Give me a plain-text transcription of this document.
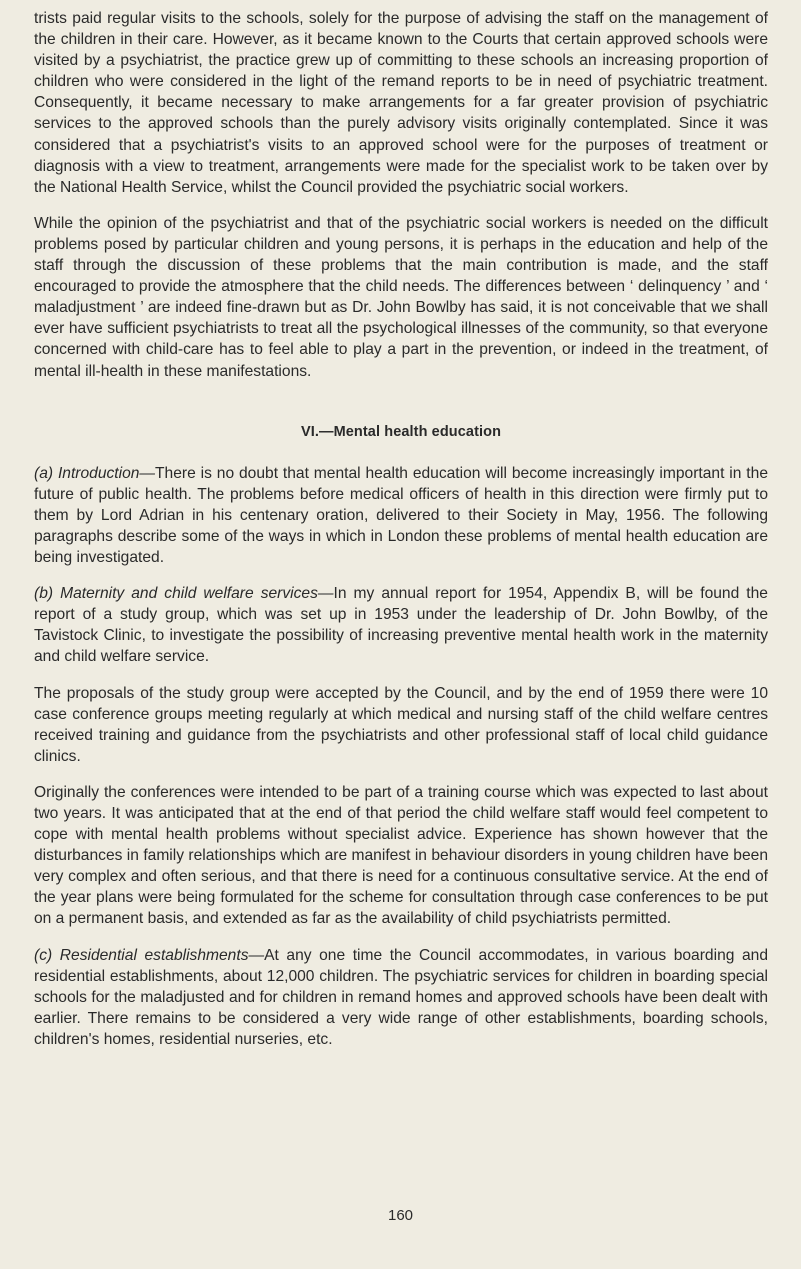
trists paid regular visits to the schools, solely for the purpose of advising the staff on the management of the children in their care. However, as it became known to the Courts that certain approved schools were visited by a psychiatrist, the practice grew up of committing to these schools an increasing proportion of children who were considered in the light of the remand reports to be in need of psychiatric treatment. Consequently, it became necessary to make arrangements for a far greater provision of psychiatric services to the approved schools than the purely advisory visits originally contemplated. Since it was considered that a psychiatrist's visits to an approved school were for the purposes of treatment or diagnosis with a view to treatment, arrangements were made for the specialist work to be taken over by the National Health Service, whilst the Council provided the psychiatric social workers.

While the opinion of the psychiatrist and that of the psychiatric social workers is needed on the difficult problems posed by particular children and young persons, it is perhaps in the education and help of the staff through the discussion of these problems that the main contribution is made, and the staff encouraged to provide the atmosphere that the child needs. The differences between ‘ delinquency ’ and ‘ maladjustment ’ are indeed fine-drawn but as Dr. John Bowlby has said, it is not conceivable that we shall ever have sufficient psychiatrists to treat all the psychological illnesses of the community, so that everyone concerned with child-care has to feel able to play a part in the prevention, or indeed in the treatment, of mental ill-health in these manifestations.

VI.—Mental health education

(a) Introduction—There is no doubt that mental health education will become increasingly important in the future of public health. The problems before medical officers of health in this direction were firmly put to them by Lord Adrian in his centenary oration, delivered to their Society in May, 1956. The following paragraphs describe some of the ways in which in London these problems of mental health education are being investigated.

(b) Maternity and child welfare services—In my annual report for 1954, Appendix B, will be found the report of a study group, which was set up in 1953 under the leadership of Dr. John Bowlby, of the Tavistock Clinic, to investigate the possibility of increasing preventive mental health work in the maternity and child welfare service.

The proposals of the study group were accepted by the Council, and by the end of 1959 there were 10 case conference groups meeting regularly at which medical and nursing staff of the child welfare centres received training and guidance from the psychiatrists and other professional staff of local child guidance clinics.

Originally the conferences were intended to be part of a training course which was expected to last about two years. It was anticipated that at the end of that period the child welfare staff would feel competent to cope with mental health problems without specialist advice. Experience has shown however that the disturbances in family relationships which are manifest in behaviour disorders in young children have been very complex and often serious, and that there is need for a continuous consultative service. At the end of the year plans were being formulated for the scheme for consultation through case conferences to be put on a permanent basis, and extended as far as the availability of child psychiatrists permitted.

(c) Residential establishments—At any one time the Council accommodates, in various boarding and residential establishments, about 12,000 children. The psychiatric services for children in boarding special schools for the maladjusted and for children in remand homes and approved schools have been dealt with earlier. There remains to be considered a very wide range of other establishments, boarding schools, children's homes, residential nurseries, etc.

160
